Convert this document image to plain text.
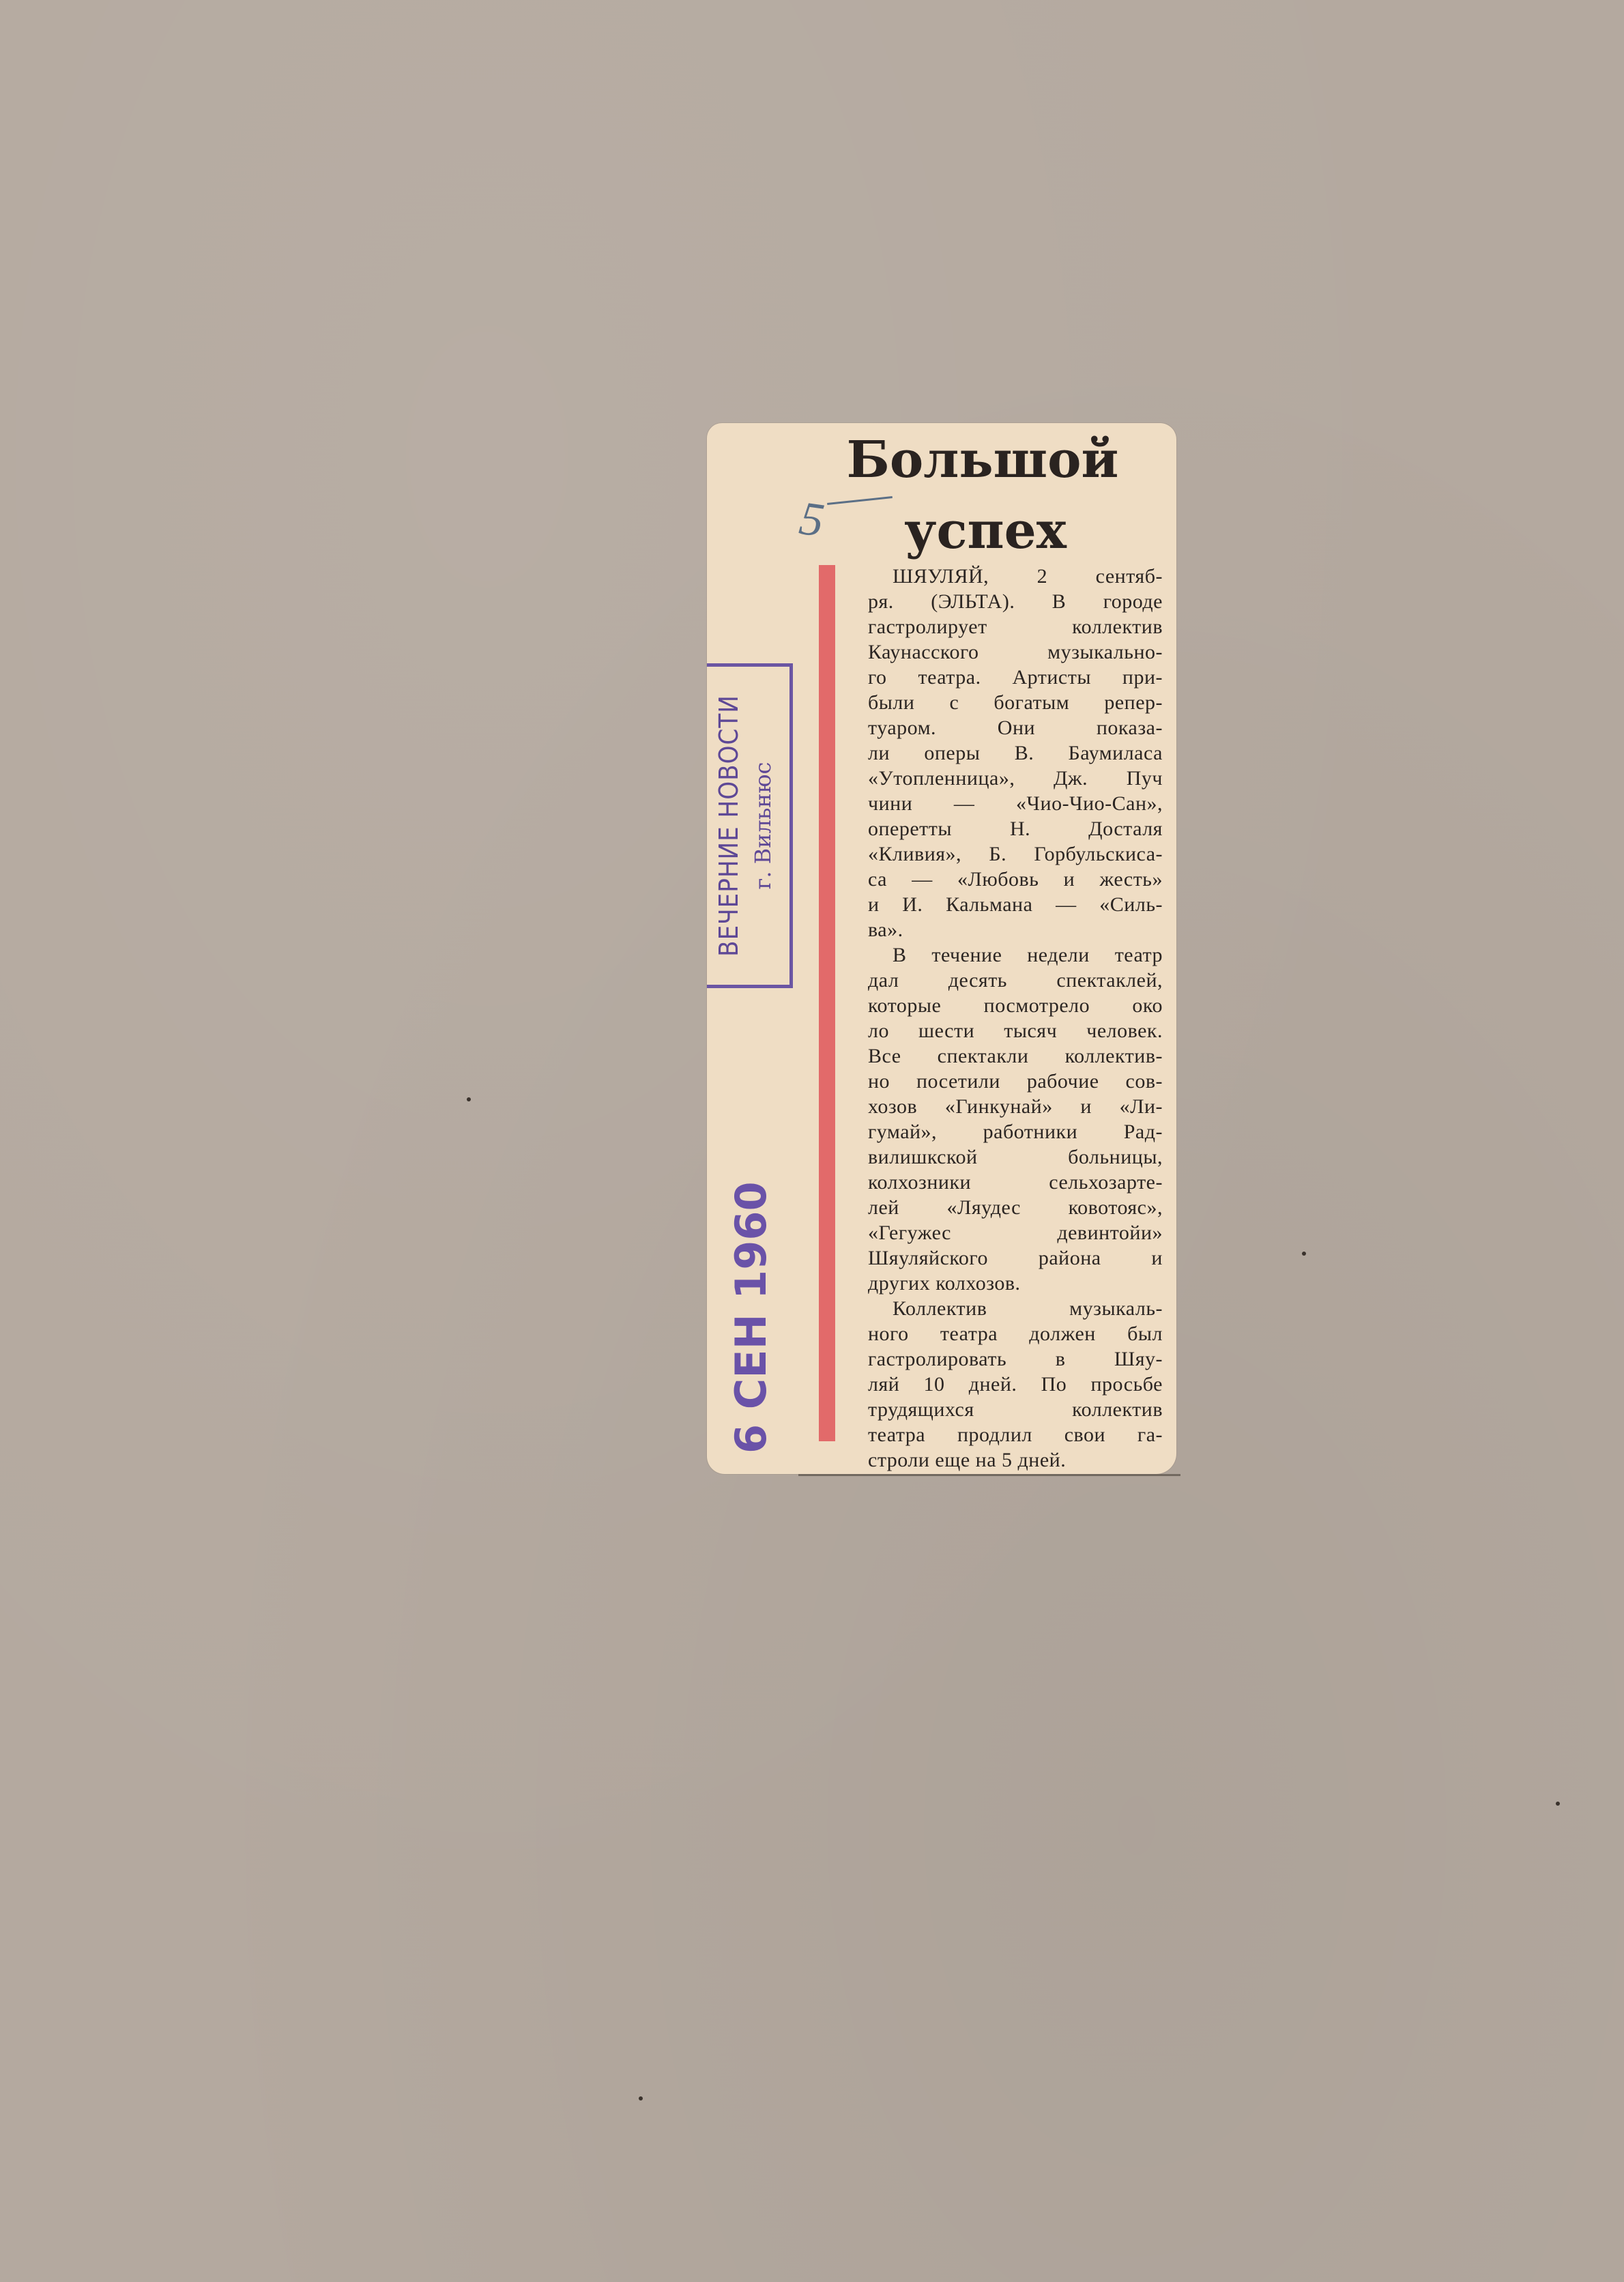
Большой
успех
5
ШЯУЛЯЙ, 2 сентяб-
ря. (ЭЛЬТА). В городе
гастролирует коллектив
Каунасского музыкально-
го театра. Артисты при-
были с богатым репер-
туаром. Они показа-
ли оперы В. Баумиласа
«Утопленница», Дж. Пуч
чини — «Чио-Чио-Сан»,
оперетты Н. Досталя
«Кливия», Б. Горбульскиса-
са — «Любовь и жесть»
и И. Кальмана — «Силь-
ва».
В течение недели театр
дал десять спектаклей,
которые посмотрело око
ло шести тысяч человек.
Все спектакли коллектив-
но посетили рабочие сов-
хозов «Гинкунай» и «Ли-
гумай», работники Рад-
вилишкской больницы,
колхозники сельхозарте-
лей «Ляудес ковотояс»,
«Гегужес девинтойи»
Шяуляйского района и
других колхозов.
Коллектив музыкаль-
ного театра должен был
гастролировать в Шяу-
ляй 10 дней. По просьбе
трудящихся коллектив
театра продлил свои га-
строли еще на 5 дней.
ВЕЧЕРНИЕ НОВОСТИ г. Вильнюс
6 СЕН 1960
